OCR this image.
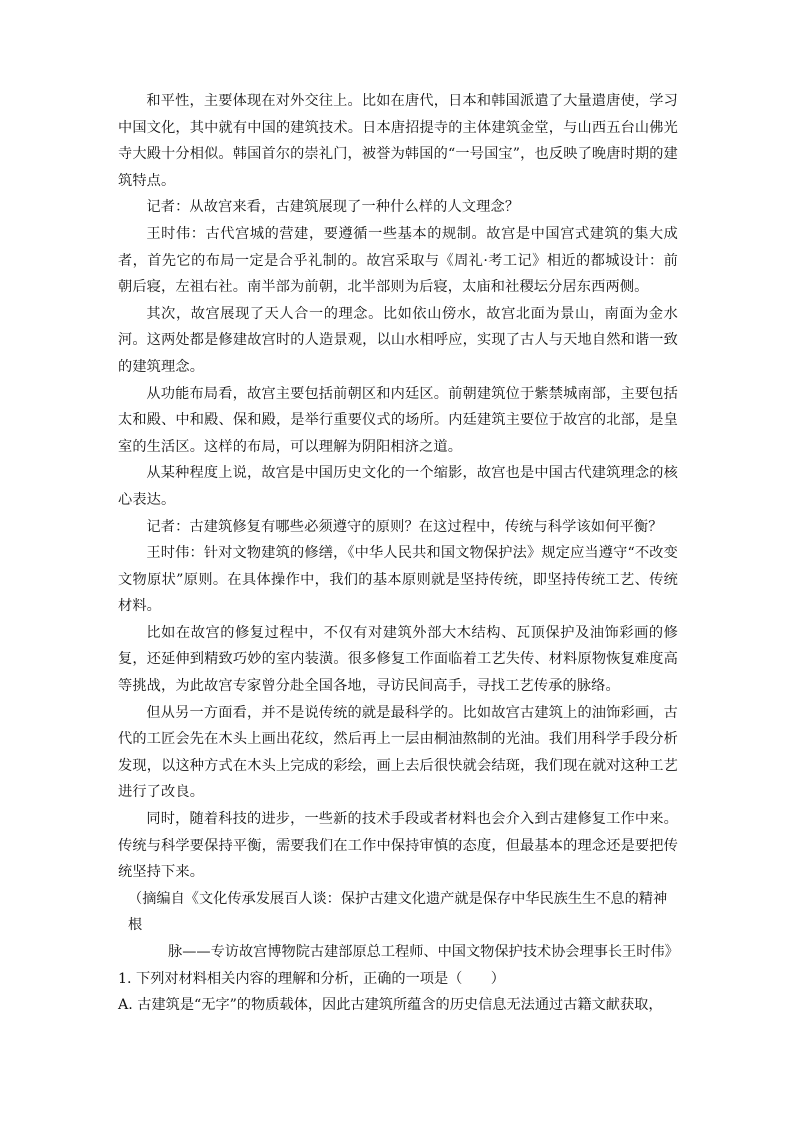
和平性，主要体现在对外交往上。比如在唐代，日本和韩国派遣了大量遣唐使，学习中国文化，其中就有中国的建筑技术。日本唐招提寺的主体建筑金堂，与山西五台山佛光寺大殿十分相似。韩国首尔的崇礼门，被誉为韩国的“一号国宝”，也反映了晚唐时期的建筑特点。

记者：从故宫来看，古建筑展现了一种什么样的人文理念？

王时伟：古代宫城的营建，要遵循一些基本的规制。故宫是中国宫式建筑的集大成者，首先它的布局一定是合乎礼制的。故宫采取与《周礼·考工记》相近的都城设计：前朝后寝，左祖右社。南半部为前朝，北半部则为后寝，太庙和社稷坛分居东西两侧。

其次，故宫展现了天人合一的理念。比如依山傍水，故宫北面为景山，南面为金水河。这两处都是修建故宫时的人造景观，以山水相呼应，实现了古人与天地自然和谐一致的建筑理念。

从功能布局看，故宫主要包括前朝区和内廷区。前朝建筑位于紫禁城南部，主要包括太和殿、中和殿、保和殿，是举行重要仪式的场所。内廷建筑主要位于故宫的北部，是皇室的生活区。这样的布局，可以理解为阴阳相济之道。

从某种程度上说，故宫是中国历史文化的一个缩影，故宫也是中国古代建筑理念的核心表达。

记者：古建筑修复有哪些必须遵守的原则？在这过程中，传统与科学该如何平衡？

王时伟：针对文物建筑的修缮，《中华人民共和国文物保护法》规定应当遵守“不改变文物原状”原则。在具体操作中，我们的基本原则就是坚持传统，即坚持传统工艺、传统材料。

比如在故宫的修复过程中，不仅有对建筑外部大木结构、瓦顶保护及油饰彩画的修复，还延伸到精致巧妙的室内装潢。很多修复工作面临着工艺失传、材料原物恢复难度高等挑战，为此故宫专家曾分赴全国各地，寻访民间高手，寻找工艺传承的脉络。

但从另一方面看，并不是说传统的就是最科学的。比如故宫古建筑上的油饰彩画，古代的工匠会先在木头上画出花纹，然后再上一层由桐油熬制的光油。我们用科学手段分析发现，以这种方式在木头上完成的彩绘，画上去后很快就会结斑，我们现在就对这种工艺进行了改良。

同时，随着科技的进步，一些新的技术手段或者材料也会介入到古建修复工作中来。传统与科学要保持平衡，需要我们在工作中保持审慎的态度，但最基本的理念还是要把传统坚持下来。

（摘编自《文化传承发展百人谈：保护古建文化遗产就是保存中华民族生生不息的精神根
脉——专访故宫博物院古建部原总工程师、中国文物保护技术协会理事长王时伟》

1. 下列对材料相关内容的理解和分析，正确的一项是（　　）

A. 古建筑是“无字”的物质载体，因此古建筑所蕴含的历史信息无法通过古籍文献获取，
